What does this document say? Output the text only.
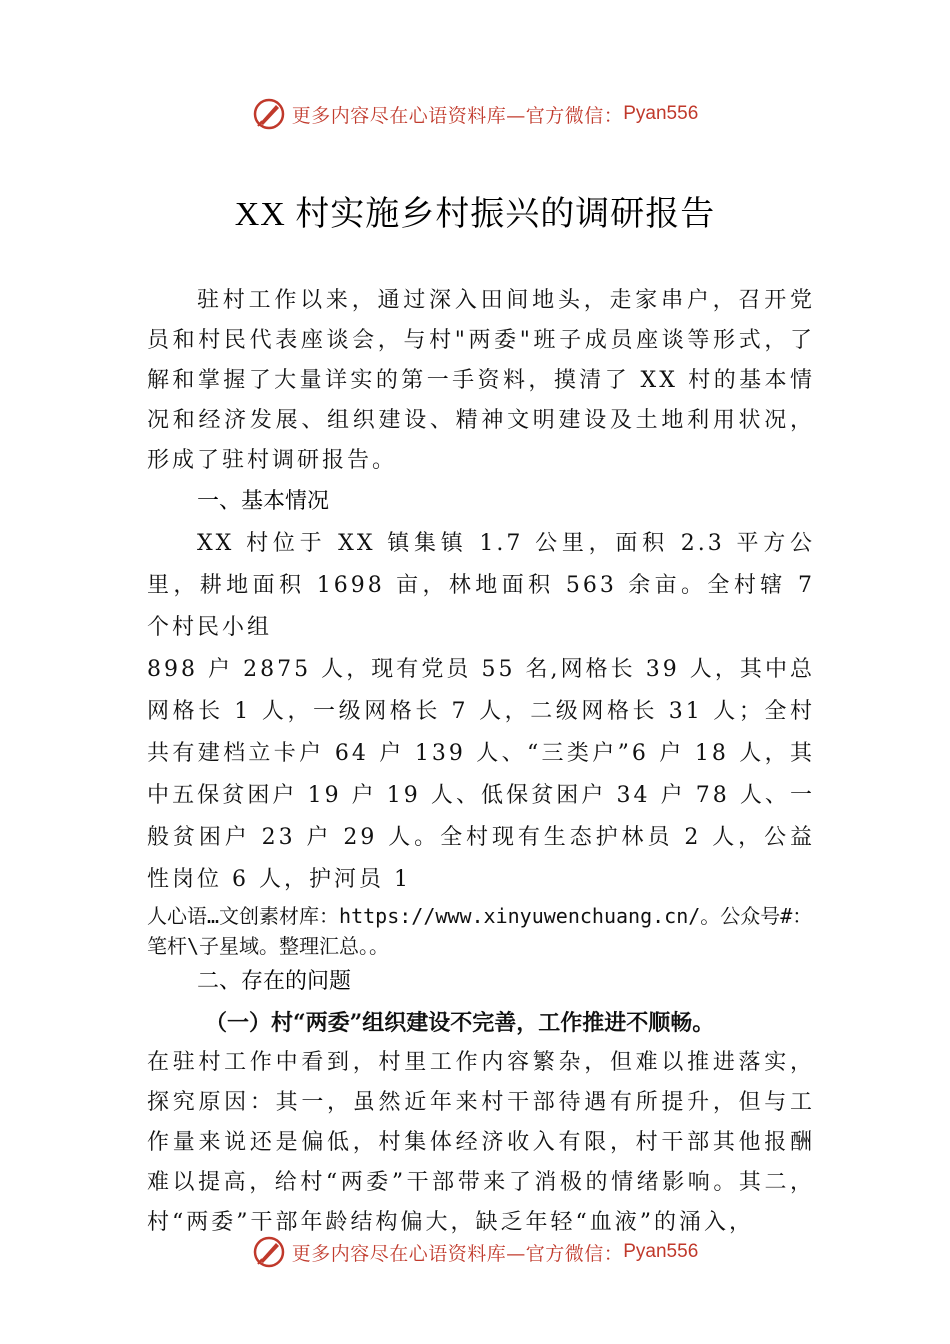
更多内容尽在心语资料库—官方微信： Pyan556
XX 村实施乡村振兴的调研报告

驻村工作以来，通过深入田间地头，走家串户，召开党员和村民代表座谈会，与村"两委"班子成员座谈等形式，了解和掌握了大量详实的第一手资料，摸清了 XX 村的基本情况和经济发展、组织建设、精神文明建设及土地利用状况， 形成了驻村调研报告。

一、基本情况

XX 村位于 XX 镇集镇 1.7 公里，面积 2.3 平方公里，耕地面积 1698 亩，林地面积 563 余亩。全村辖 7 个村民小组

898 户 2875 人，现有党员 55 名,网格长 39 人，其中总网格长 1 人，一级网格长 7 人，二级网格长 31 人；全村共有建档立卡户 64 户 139 人、“三类户”6 户 18 人，其中五保贫困户 19 户 19 人、低保贫困户 34 户 78 人、一般贫困户 23 户 29 人。全村现有生态护林员 2 人，公益性岗位 6 人，护河员 1

人心语…文创素材库：https://www.xinyuwenchuang.cn/。公众号#：笔杆\子星域。整理汇总。。

二、存在的问题

（一）村“两委”组织建设不完善，工作推进不顺畅。

在驻村工作中看到，村里工作内容繁杂，但难以推进落实， 探究原因：其一，虽然近年来村干部待遇有所提升，但与工作量来说还是偏低，村集体经济收入有限，村干部其他报酬难以提高，给村“两委”干部带来了消极的情绪影响。其二， 村“两委”干部年龄结构偏大，缺乏年轻“血液”的涌入，

更多内容尽在心语资料库—官方微信： Pyan556
